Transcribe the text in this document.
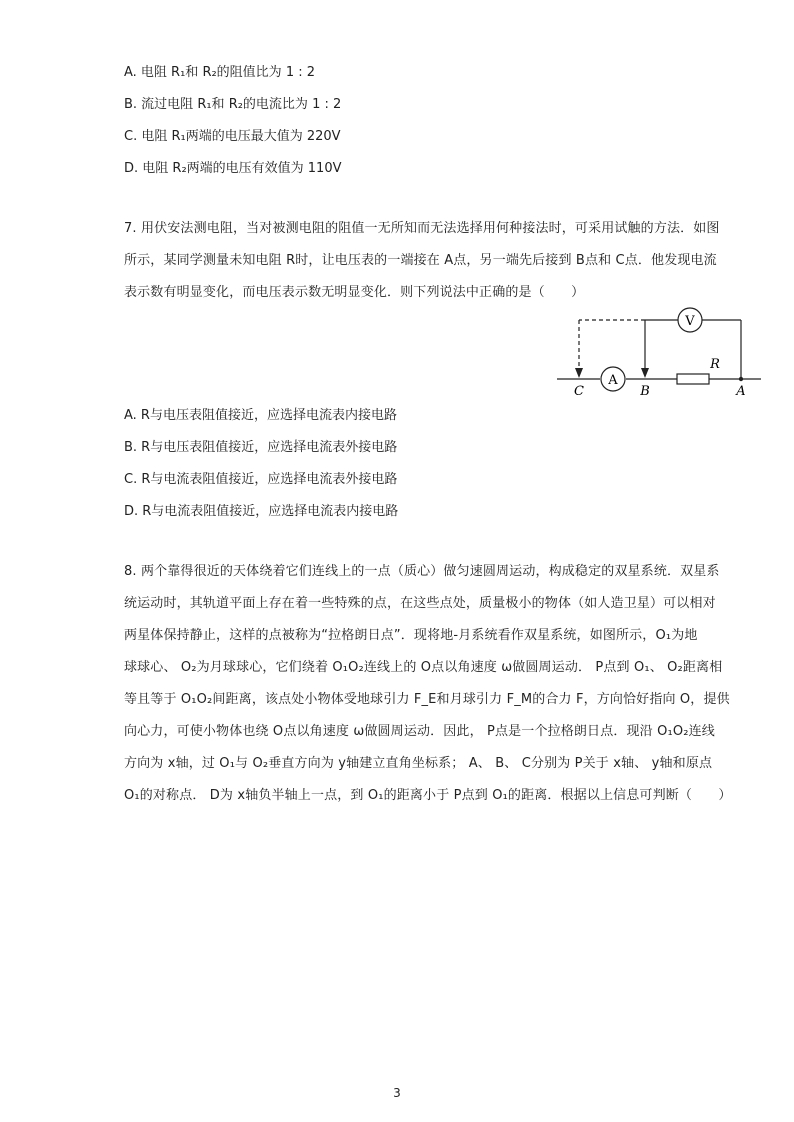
A. 电阻 R₁和 R₂的阻值比为 1 : 2
B. 流过电阻 R₁和 R₂的电流比为 1 : 2
C. 电阻 R₁两端的电压最大值为 220V
D. 电阻 R₂两端的电压有效值为 110V
7. 用伏安法测电阻，当对被测电阻的阻值一无所知而无法选择用何种接法时，可采用试触的方法．如图
所示，某同学测量未知电阻 R时，让电压表的一端接在 A点，另一端先后接到 B点和 C点．他发现电流
表示数有明显变化，而电压表示数无明显变化．则下列说法中正确的是（　　）
A
R
V
C	B	A
A. R与电压表阻值接近，应选择电流表内接电路
B. R与电压表阻值接近，应选择电流表外接电路
C. R与电流表阻值接近，应选择电流表外接电路
D. R与电流表阻值接近，应选择电流表内接电路
8. 两个靠得很近的天体绕着它们连线上的一点（质心）做匀速圆周运动，构成稳定的双星系统．双星系
统运动时，其轨道平面上存在着一些特殊的点，在这些点处，质量极小的物体（如人造卫星）可以相对
两星体保持静止，这样的点被称为“拉格朗日点”．现将地-月系统看作双星系统，如图所示，O₁为地
球球心、 O₂为月球球心，它们绕着 O₁O₂连线上的 O点以角速度 ω做圆周运动． P点到 O₁、 O₂距离相
等且等于 O₁O₂间距离，该点处小物体受地球引力 F_E和月球引力 F_M的合力 F，方向恰好指向 O，提供
向心力，可使小物体也绕 O点以角速度 ω做圆周运动．因此， P点是一个拉格朗日点．现沿 O₁O₂连线
方向为 x轴，过 O₁与 O₂垂直方向为 y轴建立直角坐标系； A、 B、 C分别为 P关于 x轴、 y轴和原点
O₁的对称点． D为 x轴负半轴上一点，到 O₁的距离小于 P点到 O₁的距离．根据以上信息可判断（　　）
3
